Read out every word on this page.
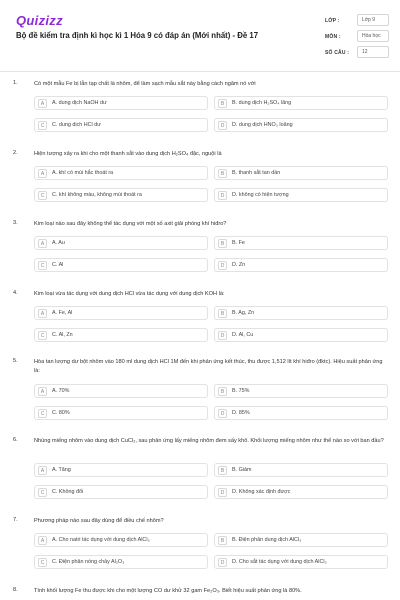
Quizizz
Bộ đề kiểm tra định kì học kì 1 Hóa 9 có đáp án (Mới nhất) - Đề 17
LỚP :	Lớp 9
MÔN :	Hóa học
SỐ CÂU :	12
1.	Có một mẫu Fe bị lẫn tạp chất là nhôm, để làm sạch mẫu sắt này bằng cách ngâm nó với
A	A. dung dịch NaOH dư	B	B. dung dịch H₂SO₄ lãng
C	C. dung dịch HCl dư	D	D. dung dịch HNO₃ loãng
2.	Hiện tượng xảy ra khi cho một thanh sắt vào dung dịch H₂SO₄ đặc, nguội là
A	A. khí có mùi hắc thoát ra	B	B. thanh sắt tan dần
C	C. khí không màu, không mùi thoát ra	D	D. không có hiện tượng
3.	Kim loại nào sau đây không thể tác dụng với một số axit giải phóng khí hiđro?
A	A. Au	B	B. Fe
C	C. Al	D	D. Zn
4.	Kim loại vừa tác dụng với dung dịch HCl vừa tác dụng với dung dịch KOH là:
A	A. Fe, Al	B	B. Ag, Zn
C	C. Al, Zn	D	D. Al, Cu
5.	Hòa tan lượng dư bột nhôm vào 180 ml dung dịch HCl 1M đến khi phản ứng kết thúc, thu được 1,512 lít khí hiđro (đktc). Hiệu suất phản ứng là:
A	A. 70%	B	B. 75%
C	C. 80%	D	D. 85%
6.	Nhúng miếng nhôm vào dung dịch CuCl₂, sau phản ứng lấy miếng nhôm đem sấy khô. Khối lượng miếng nhôm như thế nào so với ban đầu?
A	A. Tăng	B	B. Giảm
C	C. Không đổi	D	D. Không xác định được
7.	Phương pháp nào sau đây dùng để điều chế nhôm?
A	A. Cho natri tác dụng với dung dịch AlCl₃	B	B. Điện phân dung dịch AlCl₃
C	C. Điện phân nóng chảy Al₂O₃	D	D. Cho sắt tác dụng với dung dịch AlCl₃
8.	Tính khối lượng Fe thu được khi cho một lượng CO dư khử 32 gam Fe₂O₃. Biết hiệu suất phản ứng là 80%.
